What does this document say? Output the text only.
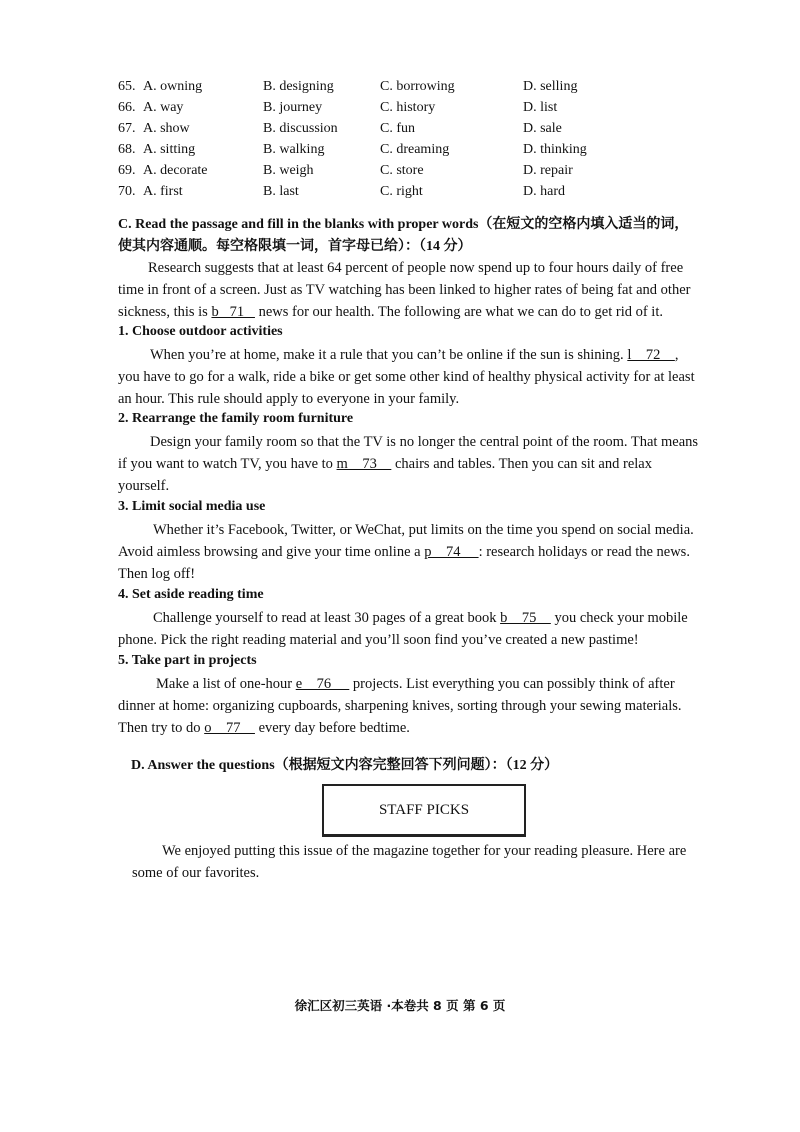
65. A. owning	B. designing	C. borrowing	D. selling
66. A. way	B. journey	C. history	D. list
67. A. show	B. discussion	C. fun	D. sale
68. A. sitting	B. walking	C. dreaming	D. thinking
69. A. decorate	B. weigh	C. store	D. repair
70. A. first	B. last	C. right	D. hard
C. Read the passage and fill in the blanks with proper words（在短文的空格内填入适当的词，
使其内容通顺。每空格限填一词，首字母已给）：（14 分）
Research suggests that at least 64 percent of people now spend up to four hours daily of free
time in front of a screen. Just as TV watching has been linked to higher rates of being fat and other
sickness, this is b   71    news for our health. The following are what we can do to get rid of it.
1. Choose outdoor activities
When you’re at home, make it a rule that you can’t be online if the sun is shining. l    72    ,
you have to go for a walk, ride a bike or get some other kind of healthy physical activity for at least
an hour. This rule should apply to everyone in your family.
2. Rearrange the family room furniture
Design your family room so that the TV is no longer the central point of the room. That means
if you want to watch TV, you have to m    73     chairs and tables. Then you can sit and relax
yourself.
3. Limit social media use
Whether it’s Facebook, Twitter, or WeChat, put limits on the time you spend on social media.
Avoid aimless browsing and give your time online a p    74     : research holidays or read the news.
Then log off!
4. Set aside reading time
Challenge yourself to read at least 30 pages of a great book b    75     you check your mobile
phone. Pick the right reading material and you’ll soon find you’ve created a new pastime!
5. Take part in projects
Make a list of one-hour e    76      projects. List everything you can possibly think of after
dinner at home: organizing cupboards, sharpening knives, sorting through your sewing materials.
Then try to do o    77     every day before bedtime.
D. Answer the questions（根据短文内容完整回答下列问题）：（12 分）
STAFF PICKS
We enjoyed putting this issue of the magazine together for your reading pleasure. Here are
some of our favorites.
徐汇区初三英语 ·本卷共 8 页 第 6 页
